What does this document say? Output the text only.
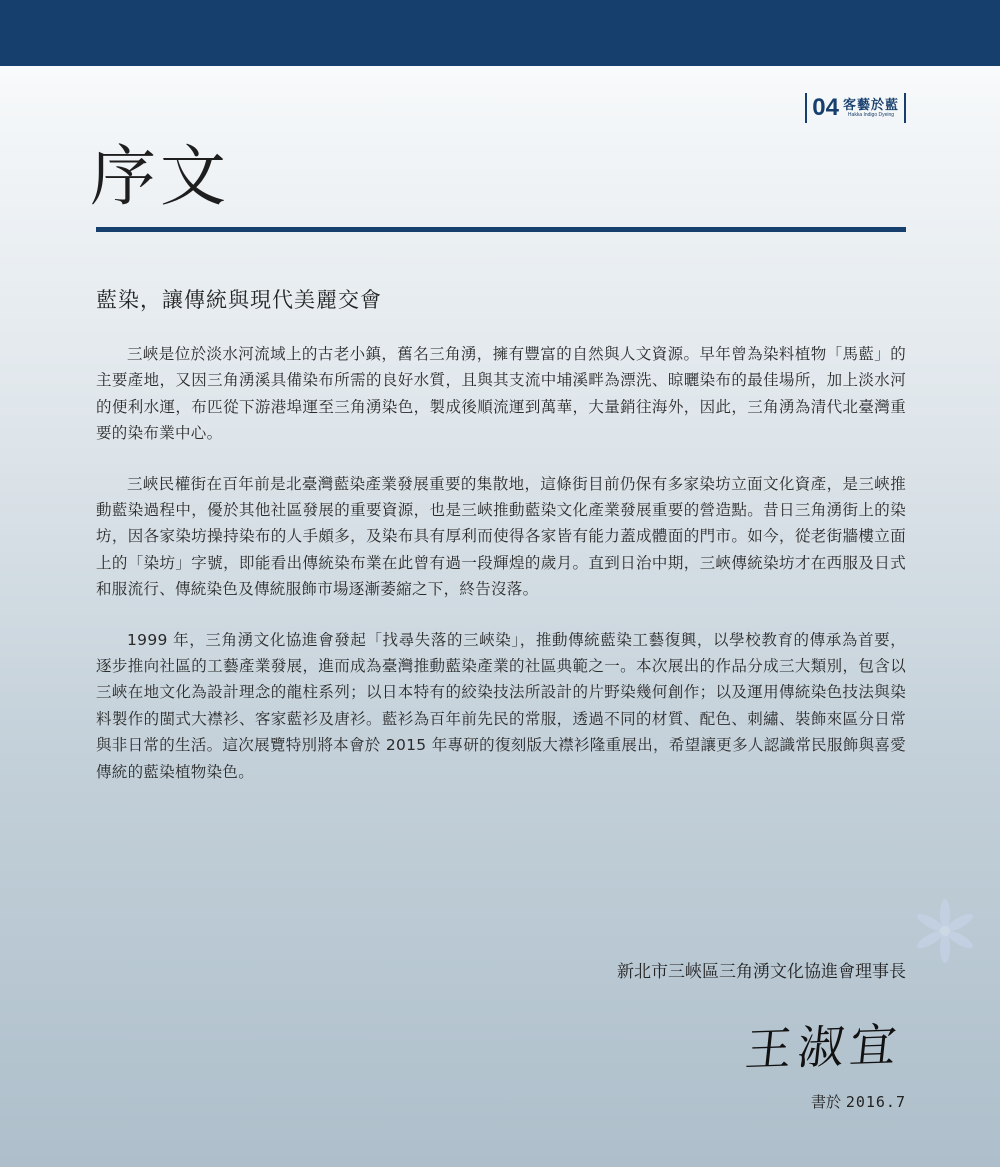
04 客藝於藍
Hakka Indigo Dyeing
序文
藍染，讓傳統與現代美麗交會

三峽是位於淡水河流域上的古老小鎮，舊名三角湧，擁有豐富的自然與人文資源。早年曾為染料植物「馬藍」的主要產地，又因三角湧溪具備染布所需的良好水質，且與其支流中埔溪畔為漂洗、晾曬染布的最佳場所，加上淡水河的便利水運，布匹從下游港埠運至三角湧染色，製成後順流運到萬華，大量銷往海外，因此，三角湧為清代北臺灣重要的染布業中心。

三峽民權街在百年前是北臺灣藍染產業發展重要的集散地，這條街目前仍保有多家染坊立面文化資產，是三峽推動藍染過程中，優於其他社區發展的重要資源，也是三峽推動藍染文化產業發展重要的營造點。昔日三角湧街上的染坊，因各家染坊操持染布的人手頗多，及染布具有厚利而使得各家皆有能力蓋成體面的門市。如今，從老街牆樓立面上的「染坊」字號，即能看出傳統染布業在此曾有過一段輝煌的歲月。直到日治中期，三峽傳統染坊才在西服及日式和服流行、傳統染色及傳統服飾市場逐漸萎縮之下，終告沒落。

1999 年，三角湧文化協進會發起「找尋失落的三峽染」，推動傳統藍染工藝復興，以學校教育的傳承為首要，逐步推向社區的工藝產業發展，進而成為臺灣推動藍染產業的社區典範之一。本次展出的作品分成三大類別，包含以三峽在地文化為設計理念的龍柱系列；以日本特有的絞染技法所設計的片野染幾何創作；以及運用傳統染色技法與染料製作的閩式大襟衫、客家藍衫及唐衫。藍衫為百年前先民的常服，透過不同的材質、配色、刺繡、裝飾來區分日常與非日常的生活。這次展覽特別將本會於 2015 年專研的復刻版大襟衫隆重展出，希望讓更多人認識常民服飾與喜愛傳統的藍染植物染色。

新北市三峽區三角湧文化協進會理事長
王淑宜
書於 2016.7
